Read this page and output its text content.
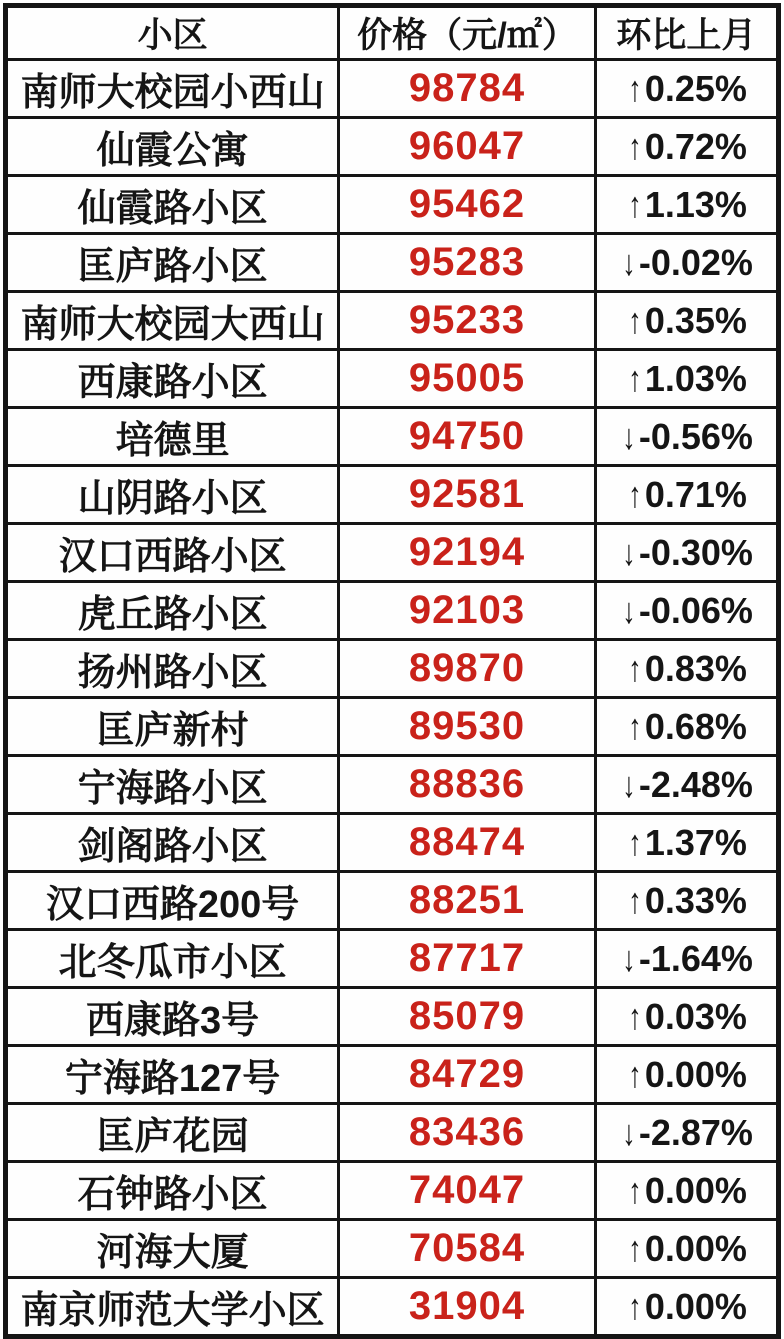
小区	价格（元/㎡）	环比上月
南师大校园小西山	98784	↑0.25%
仙霞公寓	96047	↑0.72%
仙霞路小区	95462	↑1.13%
匡庐路小区	95283	↓-0.02%
南师大校园大西山	95233	↑0.35%
西康路小区	95005	↑1.03%
培德里	94750	↓-0.56%
山阴路小区	92581	↑0.71%
汉口西路小区	92194	↓-0.30%
虎丘路小区	92103	↓-0.06%
扬州路小区	89870	↑0.83%
匡庐新村	89530	↑0.68%
宁海路小区	88836	↓-2.48%
剑阁路小区	88474	↑1.37%
汉口西路200号	88251	↑0.33%
北冬瓜市小区	87717	↓-1.64%
西康路3号	85079	↑0.03%
宁海路127号	84729	↑0.00%
匡庐花园	83436	↓-2.87%
石钟路小区	74047	↑0.00%
河海大厦	70584	↑0.00%
南京师范大学小区	31904	↑0.00%
